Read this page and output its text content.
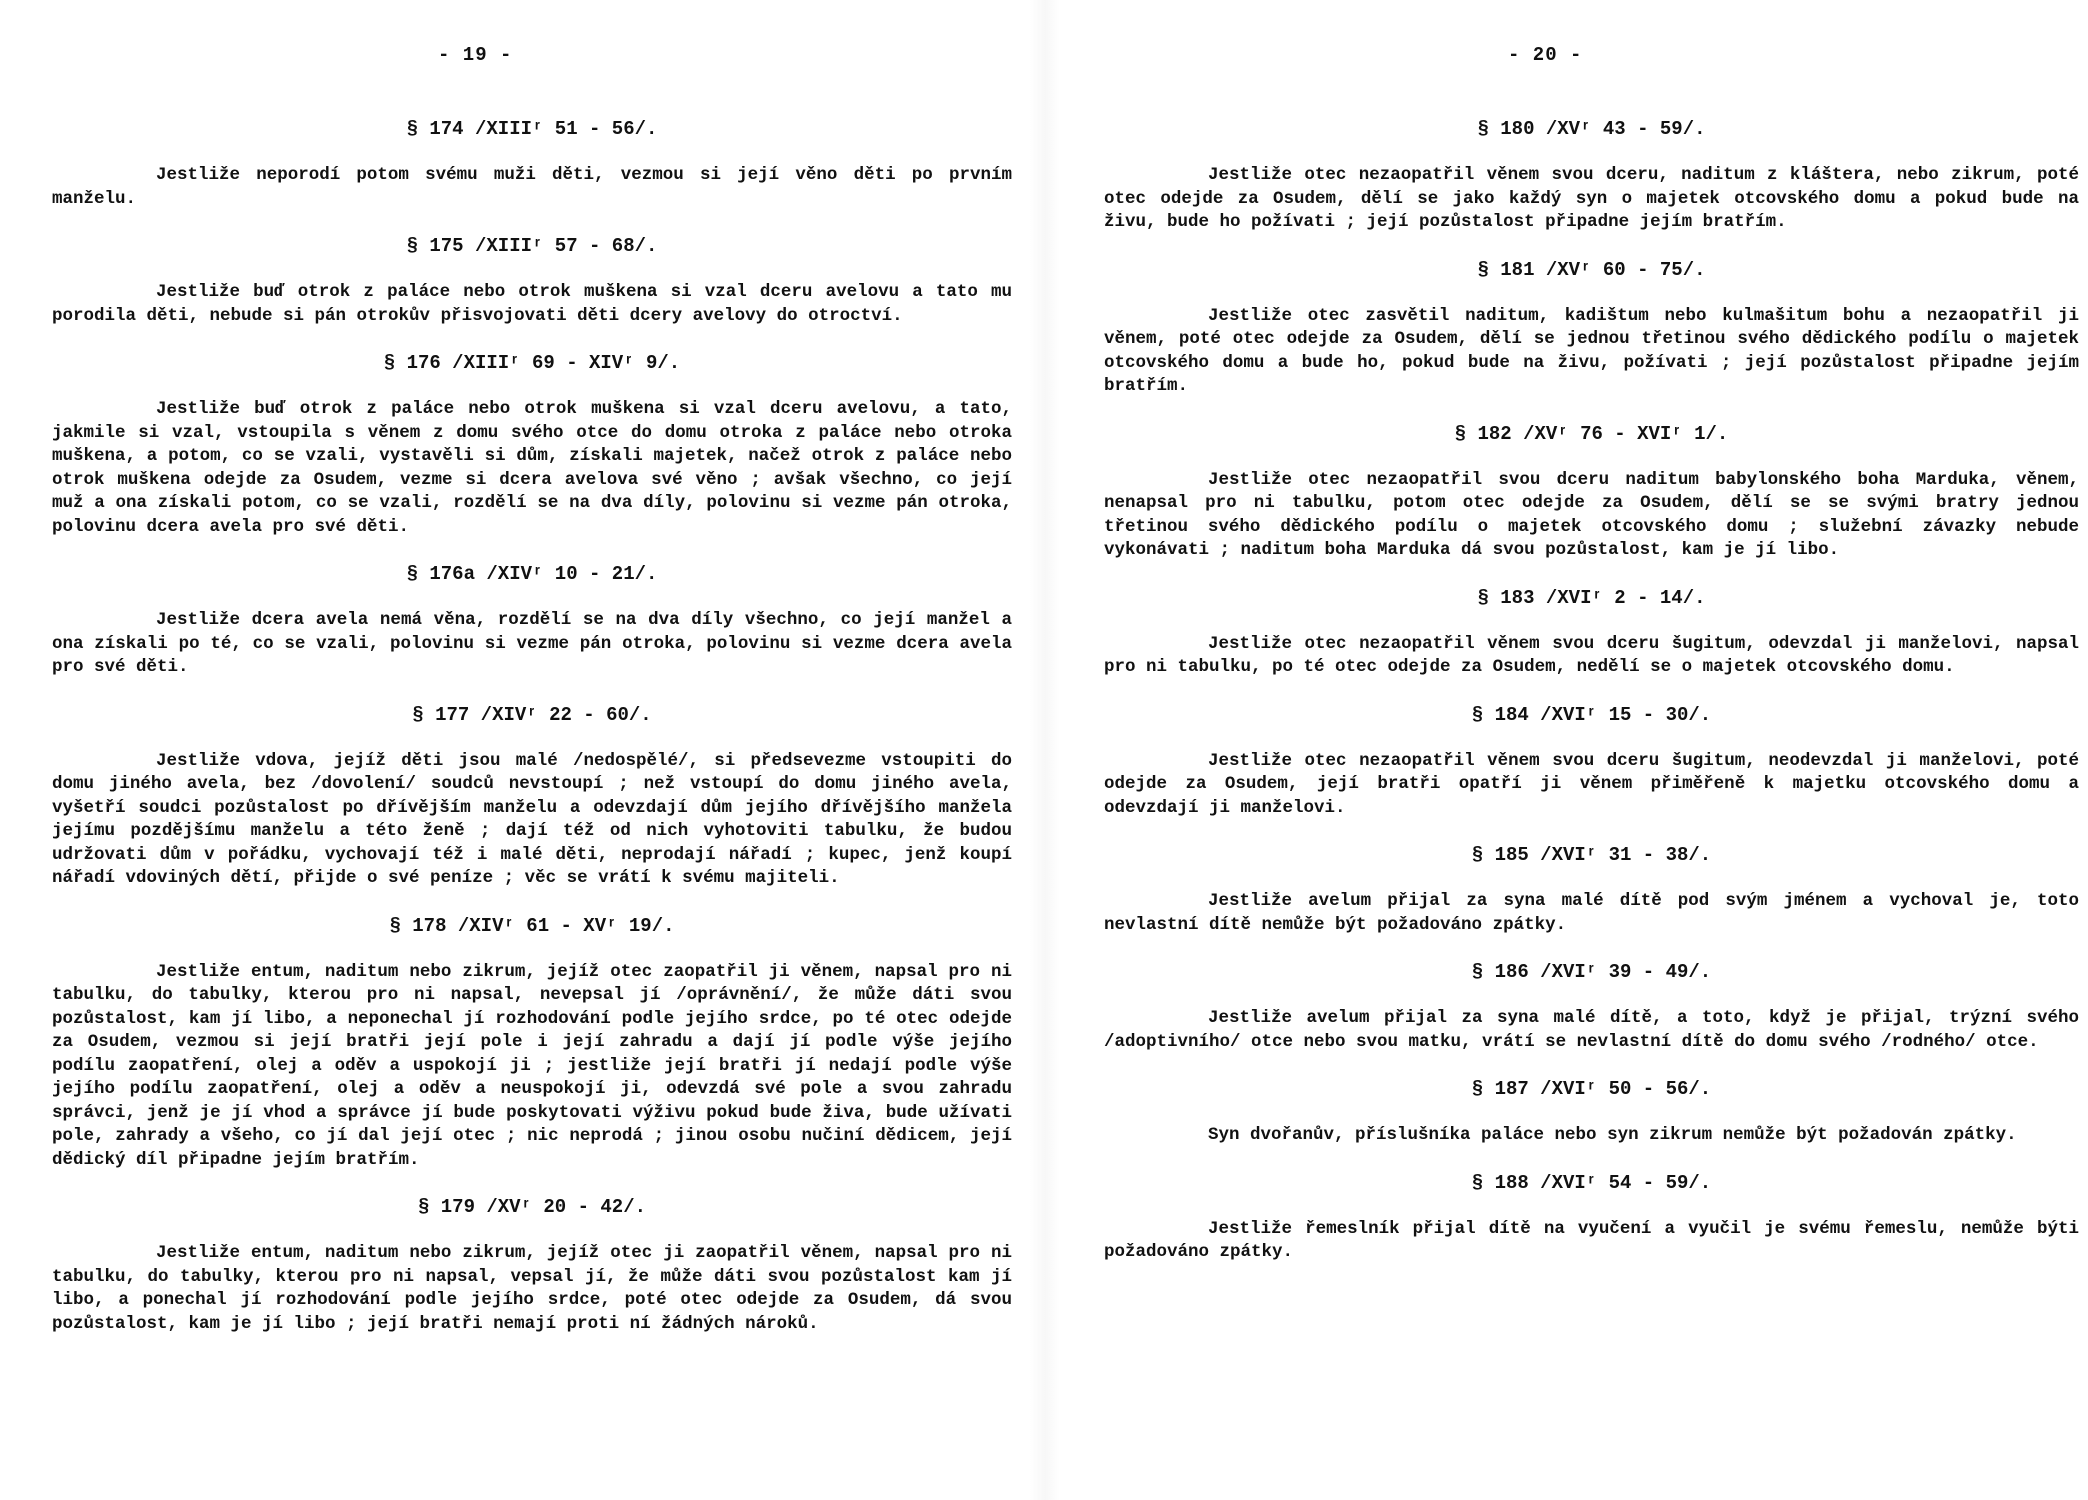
- 19 -
§ 174 /XIIIʳ 51 - 56/.
Jestliže neporodí potom svému muži děti, vezmou si její věno děti po prvním manželu.
§ 175 /XIIIʳ 57 - 68/.
Jestliže buď otrok z paláce nebo otrok muškena si vzal dceru avelovu a tato mu porodila děti, nebude si pán otrokův přisvojovati děti dcery avelovy do otroctví.
§ 176 /XIIIʳ 69 - XIVʳ 9/.
Jestliže buď otrok z paláce nebo otrok muškena si vzal dceru avelovu, a tato, jakmile si vzal, vstoupila s věnem z domu svého otce do domu otroka z paláce nebo otroka muškena, a potom, co se vzali, vystavěli si dům, získali majetek, načež otrok z paláce nebo otrok muškena odejde za Osudem, vezme si dcera avelova své věno ; avšak všechno, co její muž a ona získali potom, co se vzali, rozdělí se na dva díly, polovinu si vezme pán otroka, polovinu dcera avela pro své děti.
§ 176a /XIVʳ 10 - 21/.
Jestliže dcera avela nemá věna, rozdělí se na dva díly všechno, co její manžel a ona získali po té, co se vzali, polovinu si vezme pán otroka, polovinu si vezme dcera avela pro své děti.
§ 177 /XIVʳ 22 - 60/.
Jestliže vdova, jejíž děti jsou malé /nedospělé/, si předsevezme vstoupiti do domu jiného avela, bez /dovolení/ soudců nevstoupí ; než vstoupí do domu jiného avela, vyšetří soudci pozůstalost po dřívějším manželu a odevzdají dům jejího dřívějšího manžela jejímu pozdějšímu manželu a této ženě ; dají též od nich vyhotoviti tabulku, že budou udržovati dům v pořádku, vychovají též i malé děti, neprodají nářadí ; kupec, jenž koupí nářadí vdoviných dětí, přijde o své peníze ; věc se vrátí k svému majiteli.
§ 178 /XIVʳ 61 - XVʳ 19/.
Jestliže entum, naditum nebo zikrum, jejíž otec zaopatřil ji věnem, napsal pro ni tabulku, do tabulky, kterou pro ni napsal, nevepsal jí /oprávnění/, že může dáti svou pozůstalost, kam jí libo, a neponechal jí rozhodování podle jejího srdce, po té otec odejde za Osudem, vezmou si její bratři její pole i její zahradu a dají jí podle výše jejího podílu zaopatření, olej a oděv a uspokojí ji ; jestliže její bratři jí nedají podle výše jejího podílu zaopatření, olej a oděv a neuspokojí ji, odevzdá své pole a svou zahradu správci, jenž je jí vhod a správce jí bude poskytovati výživu pokud bude živa, bude užívati pole, zahrady a všeho, co jí dal její otec ; nic neprodá ; jinou osobu nučiní dědicem, její dědický díl připadne jejím bratřím.
§ 179 /XVʳ 20 - 42/.
Jestliže entum, naditum nebo zikrum, jejíž otec ji zaopatřil věnem, napsal pro ni tabulku, do tabulky, kterou pro ni napsal, vepsal jí, že může dáti svou pozůstalost kam jí libo, a ponechal jí rozhodování podle jejího srdce, poté otec odejde za Osudem, dá svou pozůstalost, kam je jí libo ; její bratři nemají proti ní žádných nároků.
- 20 -
§ 180 /XVʳ 43 - 59/.
Jestliže otec nezaopatřil věnem svou dceru, naditum z kláštera, nebo zikrum, poté otec odejde za Osudem, dělí se jako každý syn o majetek otcovského domu a pokud bude na živu, bude ho požívati ; její pozůstalost připadne jejím bratřím.
§ 181 /XVʳ 60 - 75/.
Jestliže otec zasvětil naditum, kadištum nebo kulmašitum bohu a nezaopatřil ji věnem, poté otec odejde za Osudem, dělí se jednou třetinou svého dědického podílu o majetek otcovského domu a bude ho, pokud bude na živu, požívati ; její pozůstalost připadne jejím bratřím.
§ 182 /XVʳ 76 - XVIʳ 1/.
Jestliže otec nezaopatřil svou dceru naditum babylonského boha Marduka, věnem, nenapsal pro ni tabulku, potom otec odejde za Osudem, dělí se se svými bratry jednou třetinou svého dědického podílu o majetek otcovského domu ; služební závazky nebude vykonávati ; naditum boha Marduka dá svou pozůstalost, kam je jí libo.
§ 183 /XVIʳ 2 - 14/.
Jestliže otec nezaopatřil věnem svou dceru šugitum, odevzdal ji manželovi, napsal pro ni tabulku, po té otec odejde za Osudem, nedělí se o majetek otcovského domu.
§ 184 /XVIʳ 15 - 30/.
Jestliže otec nezaopatřil věnem svou dceru šugitum, neodevzdal ji manželovi, poté odejde za Osudem, její bratři opatří ji věnem přiměřeně k majetku otcovského domu a odevzdají ji manželovi.
§ 185 /XVIʳ 31 - 38/.
Jestliže avelum přijal za syna malé dítě pod svým jménem a vychoval je, toto nevlastní dítě nemůže být požadováno zpátky.
§ 186 /XVIʳ 39 - 49/.
Jestliže avelum přijal za syna malé dítě, a toto, když je přijal, trýzní svého /adoptivního/ otce nebo svou matku, vrátí se nevlastní dítě do domu svého /rodného/ otce.
§ 187 /XVIʳ 50 - 56/.
Syn dvořanův, příslušníka paláce nebo syn zikrum nemůže být požadován zpátky.
§ 188 /XVIʳ 54 - 59/.
Jestliže řemeslník přijal dítě na vyučení a vyučil je svému řemeslu, nemůže býti požadováno zpátky.
